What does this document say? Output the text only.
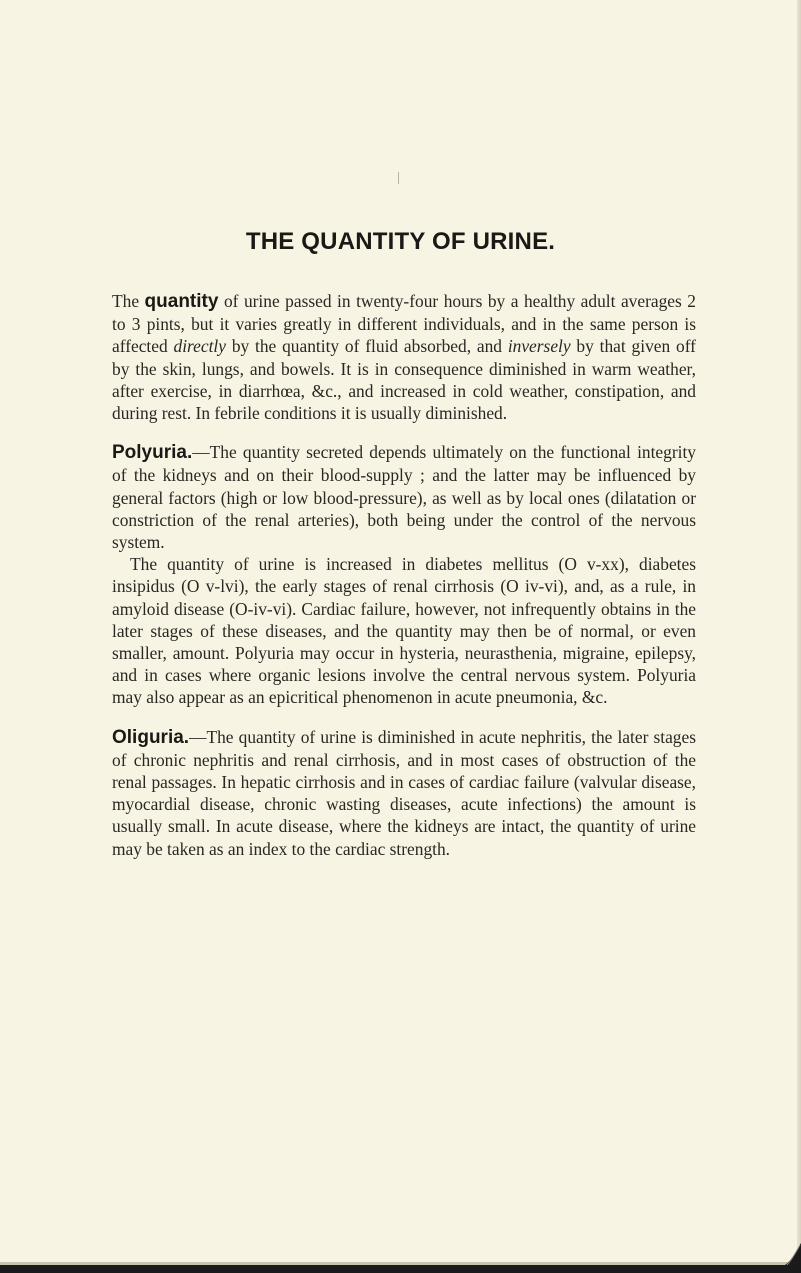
THE QUANTITY OF URINE.

The quantity of urine passed in twenty-four hours by a healthy adult averages 2 to 3 pints, but it varies greatly in different individuals, and in the same person is affected directly by the quantity of fluid absorbed, and inversely by that given off by the skin, lungs, and bowels. It is in consequence diminished in warm weather, after exercise, in diarrhœa, &c., and increased in cold weather, constipation, and during rest. In febrile conditions it is usually diminished.

Polyuria.—The quantity secreted depends ultimately on the functional integrity of the kidneys and on their blood-supply ; and the latter may be influenced by general factors (high or low blood-pressure), as well as by local ones (dilatation or constriction of the renal arteries), both being under the control of the nervous system.

The quantity of urine is increased in diabetes mellitus (O v-xx), diabetes insipidus (O v-lvi), the early stages of renal cirrhosis (O iv-vi), and, as a rule, in amyloid disease (O-iv-vi). Cardiac failure, however, not infrequently obtains in the later stages of these diseases, and the quantity may then be of normal, or even smaller, amount. Polyuria may occur in hysteria, neurasthenia, migraine, epilepsy, and in cases where organic lesions involve the central nervous system. Polyuria may also appear as an epicritical phenomenon in acute pneumonia, &c.

Oliguria.—The quantity of urine is diminished in acute nephritis, the later stages of chronic nephritis and renal cirrhosis, and in most cases of obstruction of the renal passages. In hepatic cirrhosis and in cases of cardiac failure (valvular disease, myocardial disease, chronic wasting diseases, acute infections) the amount is usually small. In acute disease, where the kidneys are intact, the quantity of urine may be taken as an index to the cardiac strength.
